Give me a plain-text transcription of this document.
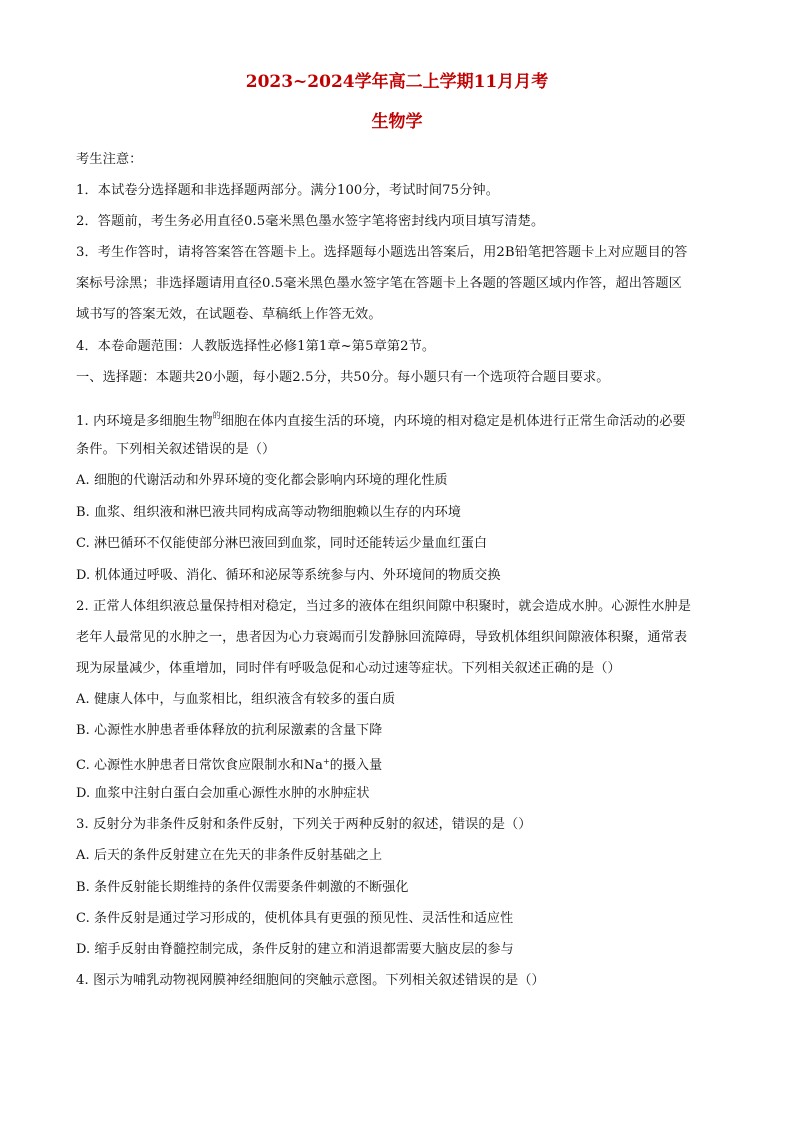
2023~2024学年高二上学期11月月考
生物学
考生注意：
1．本试卷分选择题和非选择题两部分。满分100分，考试时间75分钟。
2．答题前，考生务必用直径0.5毫米黑色墨水签字笔将密封线内项目填写清楚。
3．考生作答时，请将答案答在答题卡上。选择题每小题选出答案后，用2B铅笔把答题卡上对应题目的答
案标号涂黑；非选择题请用直径0.5毫米黑色墨水签字笔在答题卡上各题的答题区域内作答，超出答题区
域书写的答案无效，在试题卷、草稿纸上作答无效。
4．本卷命题范围：人教版选择性必修1第1章~第5章第2节。
一、选择题：本题共20小题，每小题2.5分，共50分。每小题只有一个选项符合题目要求。
1. 内环境是多细胞生物$^的$细胞在体内直接生活的环境，内环境的相对稳定是机体进行正常生命活动的必要
条件。下列相关叙述错误的是（）
A. 细胞的代谢活动和外界环境的变化都会影响内环境的理化性质
B. 血浆、组织液和淋巴液共同构成高等动物细胞赖以生存的内环境
C. 淋巴循环不仅能使部分淋巴液回到血浆，同时还能转运少量血红蛋白
D. 机体通过呼吸、消化、循环和泌尿等系统参与内、外环境间的物质交换
2. 正常人体组织液总量保持相对稳定，当过多的液体在组织间隙中积聚时，就会造成水肿。心源性水肿是
老年人最常见的水肿之一，患者因为心力衰竭而引发静脉回流障碍，导致机体组织间隙液体积聚，通常表
现为尿量减少，体重增加，同时伴有呼吸急促和心动过速等症状。下列相关叙述正确的是（）
A. 健康人体中，与血浆相比，组织液含有较多的蛋白质
B. 心源性水肿患者垂体释放的抗利尿激素的含量下降
C. 心源性水肿患者日常饮食应限制水和Na+的摄入量
D. 血浆中注射白蛋白会加重心源性水肿的水肿症状
3. 反射分为非条件反射和条件反射，下列关于两种反射的叙述，错误的是（）
A. 后天的条件反射建立在先天的非条件反射基础之上
B. 条件反射能长期维持的条件仅需要条件刺激的不断强化
C. 条件反射是通过学习形成的，使机体具有更强的预见性、灵活性和适应性
D. 缩手反射由脊髓控制完成，条件反射的建立和消退都需要大脑皮层的参与
4. 图示为哺乳动物视网膜神经细胞间的突触示意图。下列相关叙述错误的是（）
